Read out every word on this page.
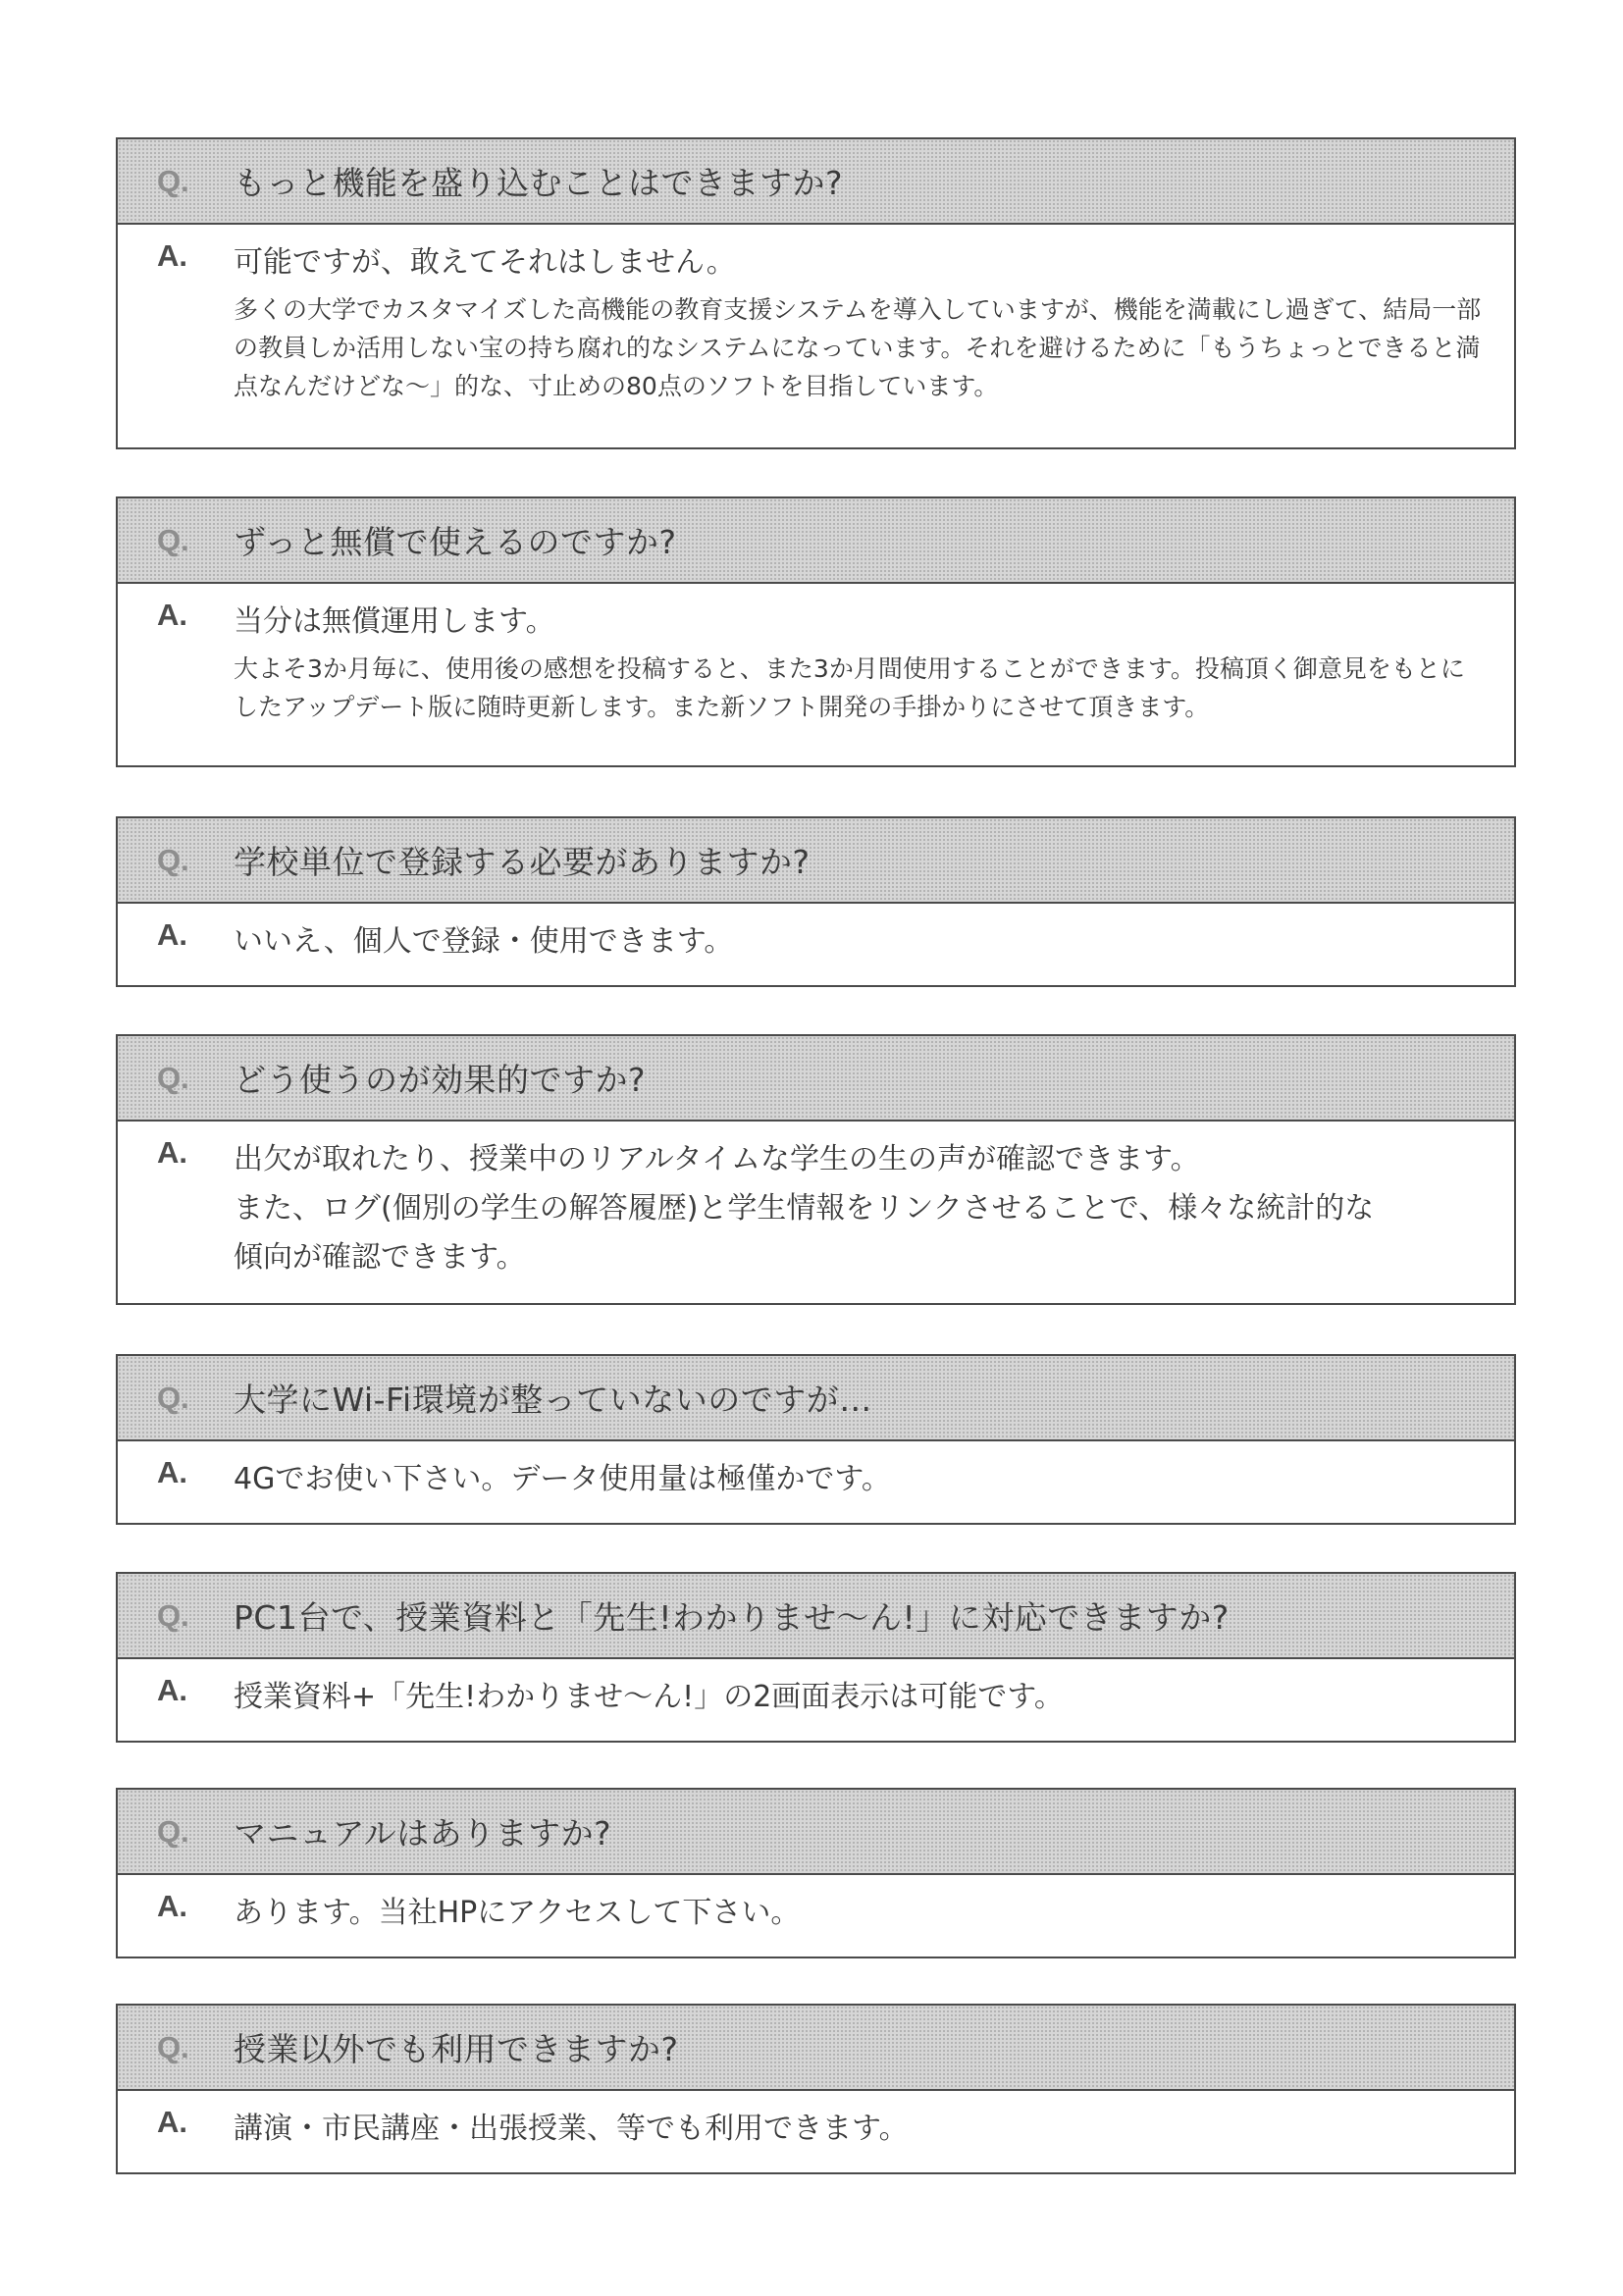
Q.	もっと機能を盛り込むことはできますか?
A. 可能ですが、敢えてそれはしません。
多くの大学でカスタマイズした高機能の教育支援システムを導入していますが、機能を満載にし過ぎて、結局一部の教員しか活用しない宝の持ち腐れ的なシステムになっています。それを避けるために「もうちょっとできると満点なんだけどな〜」的な、寸止めの80点のソフトを目指しています。
Q.	ずっと無償で使えるのですか?
A. 当分は無償運用します。
大よそ3か月毎に、使用後の感想を投稿すると、また3か月間使用することができます。投稿頂く御意見をもとにしたアップデート版に随時更新します。また新ソフト開発の手掛かりにさせて頂きます。
Q.	学校単位で登録する必要がありますか?
A. いいえ、個人で登録・使用できます。
Q.	どう使うのが効果的ですか?
A. 出欠が取れたり、授業中のリアルタイムな学生の生の声が確認できます。
また、ログ(個別の学生の解答履歴)と学生情報をリンクさせることで、様々な統計的な
傾向が確認できます。
Q.	大学にWi-Fi環境が整っていないのですが…
A. 4Gでお使い下さい。データ使用量は極僅かです。
Q.	PC1台で、授業資料と「先生!わかりませ〜ん!」に対応できますか?
A. 授業資料+「先生!わかりませ〜ん!」の2画面表示は可能です。
Q.	マニュアルはありますか?
A. あります。当社HPにアクセスして下さい。
Q.	授業以外でも利用できますか?
A. 講演・市民講座・出張授業、等でも利用できます。
